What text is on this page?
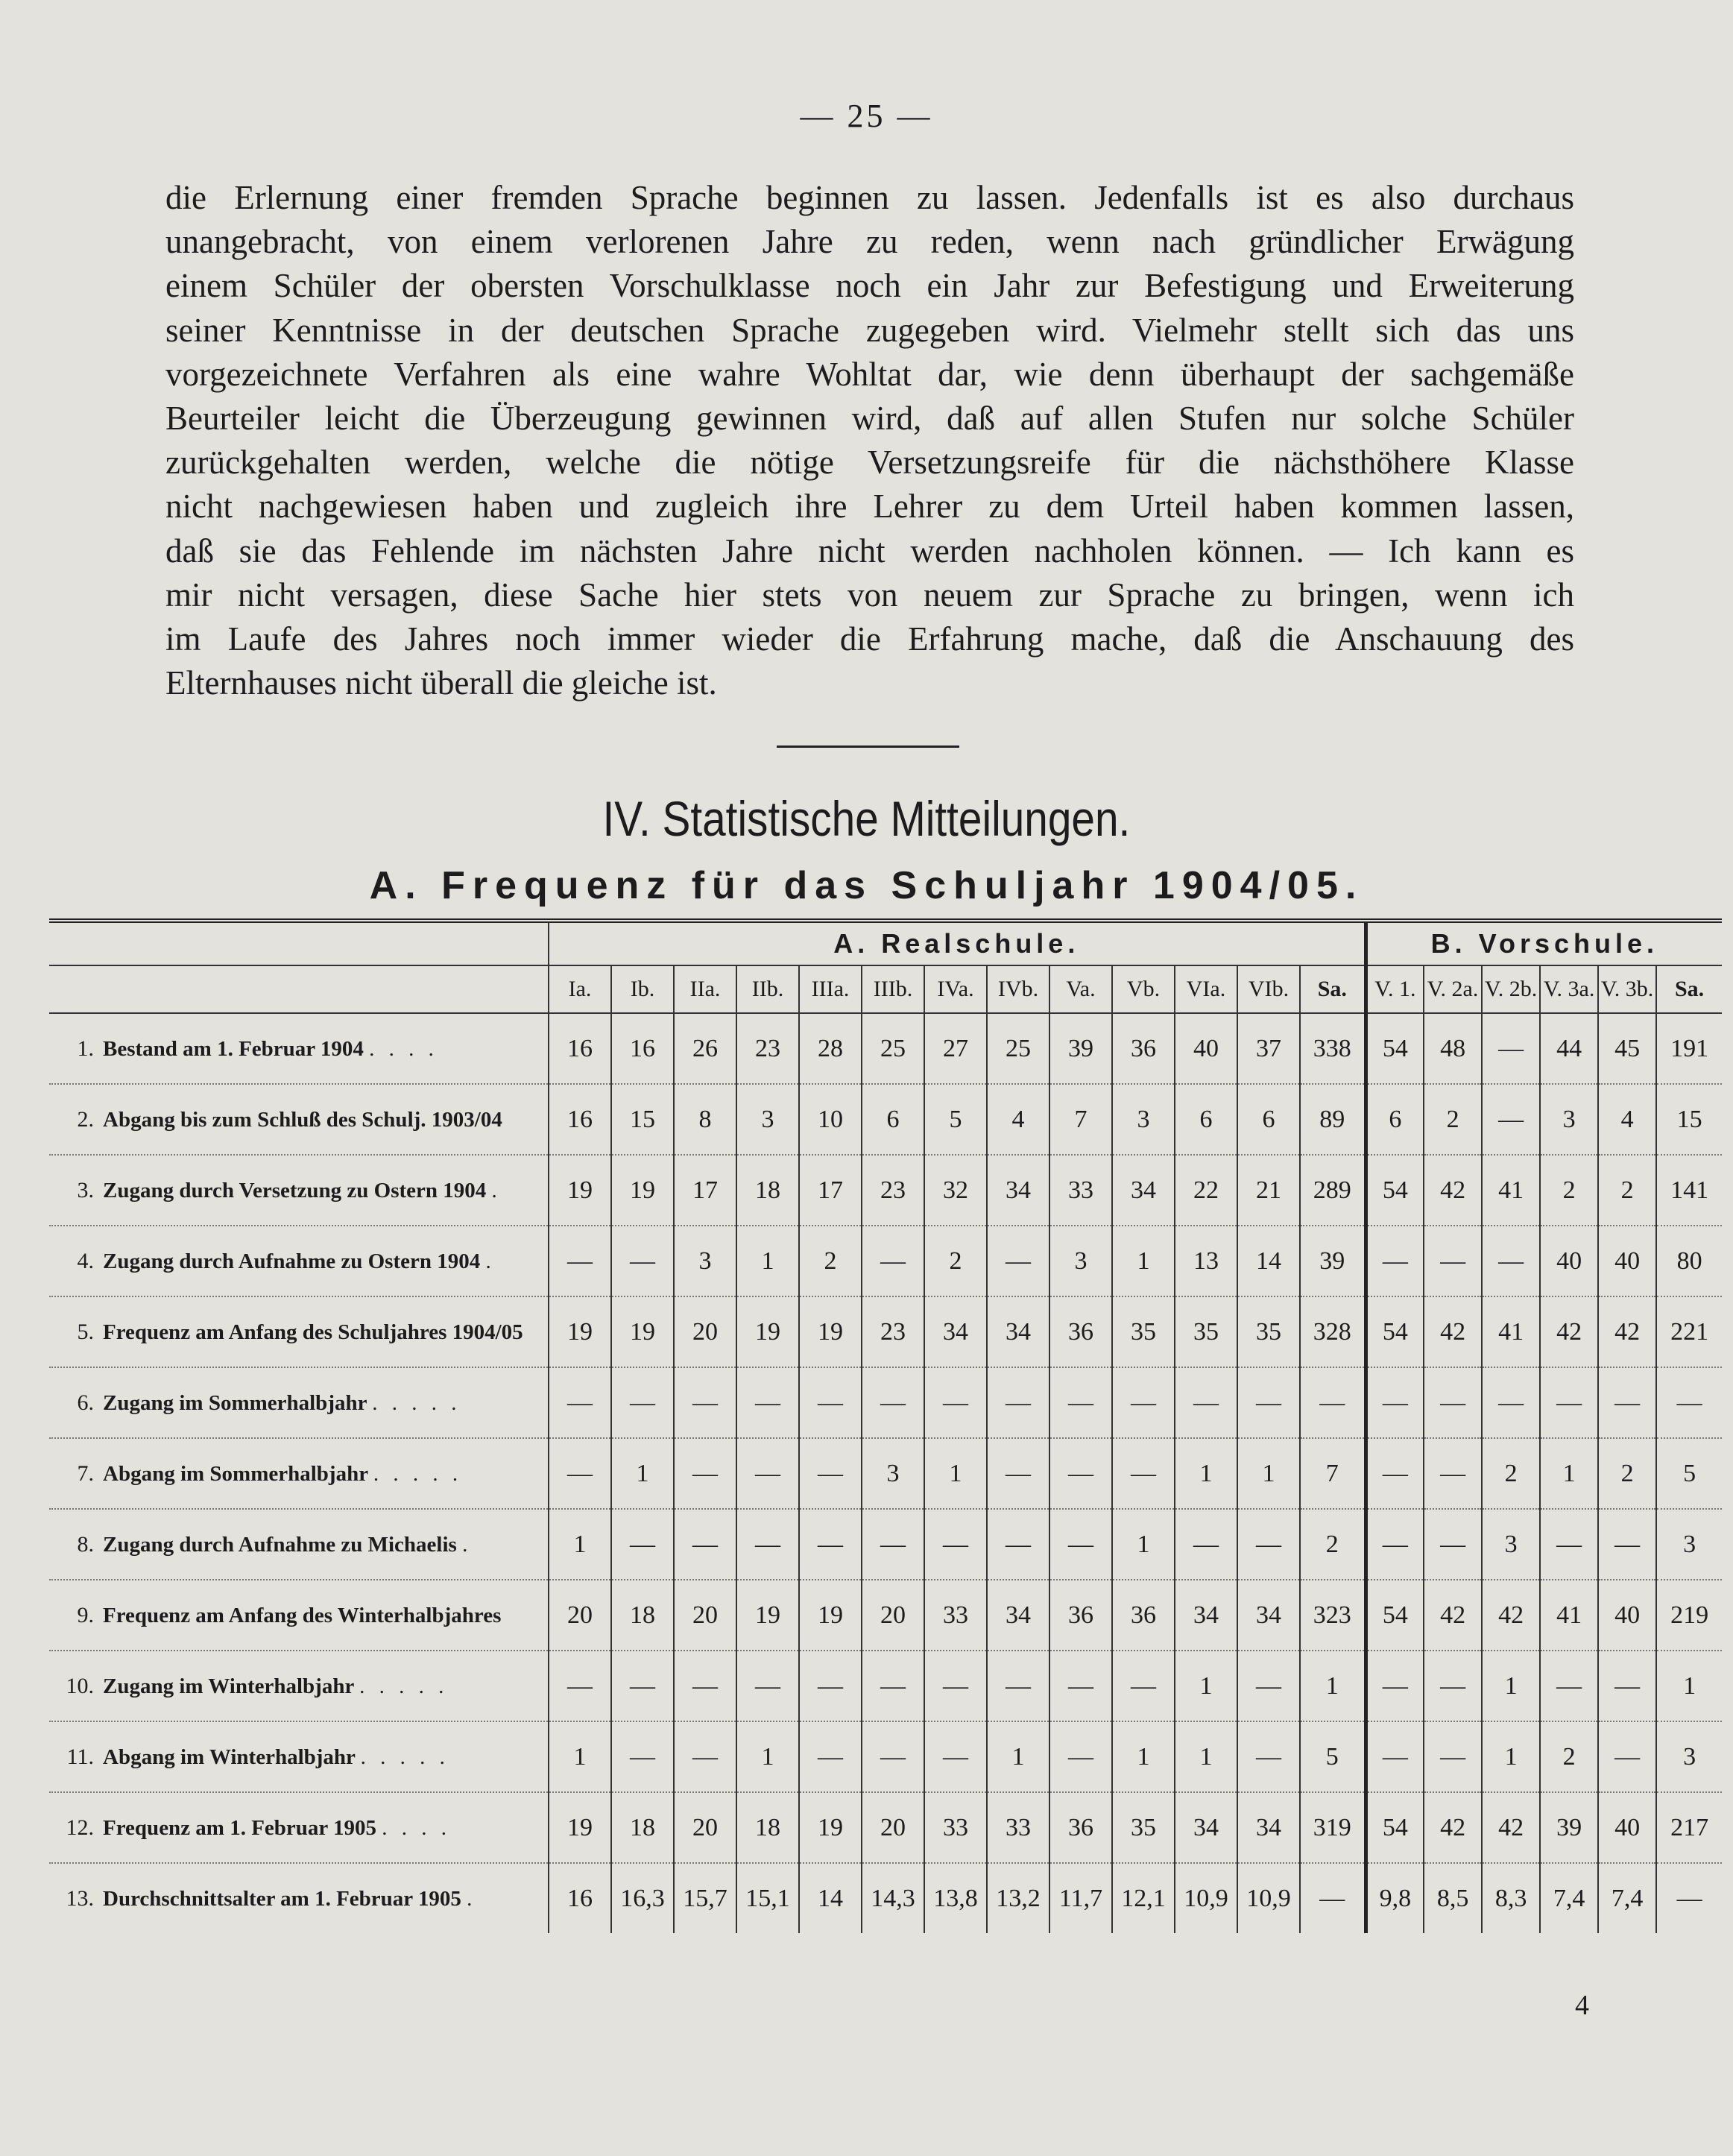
— 25 —
die Erlernung einer fremden Sprache beginnen zu lassen. Jedenfalls ist es also durchaus
unangebracht, von einem verlorenen Jahre zu reden, wenn nach gründlicher Erwägung
einem Schüler der obersten Vorschulklasse noch ein Jahr zur Befestigung und Erweiterung
seiner Kenntnisse in der deutschen Sprache zugegeben wird. Vielmehr stellt sich das uns
vorgezeichnete Verfahren als eine wahre Wohltat dar, wie denn überhaupt der sachgemäße
Beurteiler leicht die Überzeugung gewinnen wird, daß auf allen Stufen nur solche Schüler
zurückgehalten werden, welche die nötige Versetzungsreife für die nächsthöhere Klasse
nicht nachgewiesen haben und zugleich ihre Lehrer zu dem Urteil haben kommen lassen,
daß sie das Fehlende im nächsten Jahre nicht werden nachholen können. — Ich kann es
mir nicht versagen, diese Sache hier stets von neuem zur Sprache zu bringen, wenn ich
im Laufe des Jahres noch immer wieder die Erfahrung mache, daß die Anschauung des
Elternhauses nicht überall die gleiche ist.
IV. Statistische Mitteilungen.
A. Frequenz für das Schuljahr 1904/05.
	A. Realschule.													B. Vorschule.					
	Ia.	Ib.	IIa.	IIb.	IIIa.	IIIb.	IVa.	IVb.	Va.	Vb.	VIa.	VIb.	Sa.	V. 1.	V. 2a.	V. 2b.	V. 3a.	V. 3b.	Sa.
1. Bestand am 1. Februar 1904 . . . .	16	16	26	23	28	25	27	25	39	36	40	37	338	54	48	—	44	45	191
2. Abgang bis zum Schluß des Schulj. 1903/04	16	15	8	3	10	6	5	4	7	3	6	6	89	6	2	—	3	4	15
3. Zugang durch Versetzung zu Ostern 1904 .	19	19	17	18	17	23	32	34	33	34	22	21	289	54	42	41	2	2	141
4. Zugang durch Aufnahme zu Ostern 1904 .	—	—	3	1	2	—	2	—	3	1	13	14	39	—	—	—	40	40	80
5. Frequenz am Anfang des Schuljahres 1904/05	19	19	20	19	19	23	34	34	36	35	35	35	328	54	42	41	42	42	221
6. Zugang im Sommerhalbjahr . . . . .	—	—	—	—	—	—	—	—	—	—	—	—	—	—	—	—	—	—	—
7. Abgang im Sommerhalbjahr . . . . .	—	1	—	—	—	3	1	—	—	—	1	1	7	—	—	2	1	2	5
8. Zugang durch Aufnahme zu Michaelis .	1	—	—	—	—	—	—	—	—	1	—	—	2	—	—	3	—	—	3
9. Frequenz am Anfang des Winterhalbjahres	20	18	20	19	19	20	33	34	36	36	34	34	323	54	42	42	41	40	219
10. Zugang im Winterhalbjahr . . . . .	—	—	—	—	—	—	—	—	—	—	1	—	1	—	—	1	—	—	1
11. Abgang im Winterhalbjahr . . . . .	1	—	—	1	—	—	—	1	—	1	1	—	5	—	—	1	2	—	3
12. Frequenz am 1. Februar 1905 . . . .	19	18	20	18	19	20	33	33	36	35	34	34	319	54	42	42	39	40	217
13. Durchschnittsalter am 1. Februar 1905 .	16	16,3	15,7	15,1	14	14,3	13,8	13,2	11,7	12,1	10,9	10,9	—	9,8	8,5	8,3	7,4	7,4	—
4
